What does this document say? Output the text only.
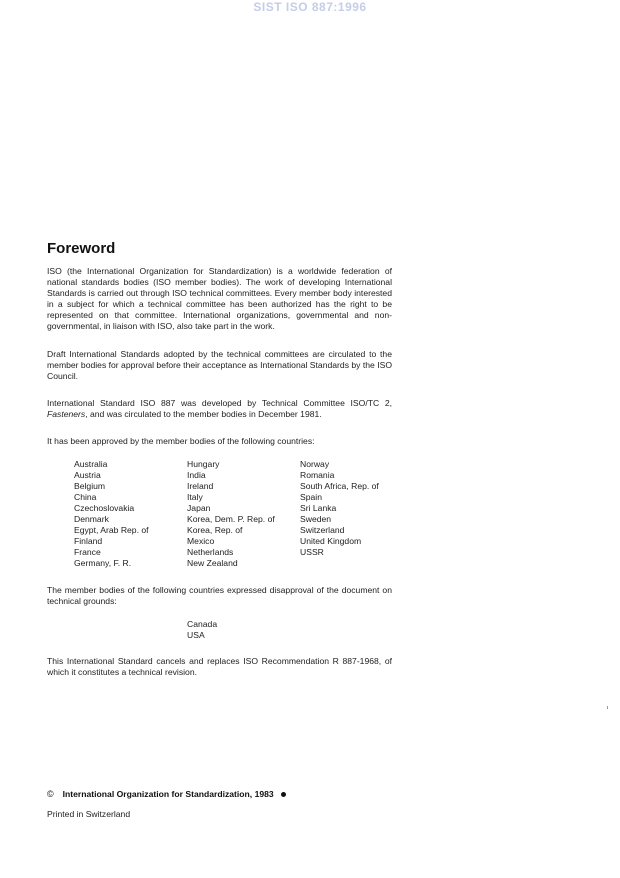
SIST ISO 887:1996
Foreword
ISO (the International Organization for Standardization) is a worldwide federation of national standards bodies (ISO member bodies). The work of developing International Standards is carried out through ISO technical committees. Every member body interested in a subject for which a technical committee has been authorized has the right to be represented on that committee. International organizations, governmental and non-governmental, in liaison with ISO, also take part in the work.
Draft International Standards adopted by the technical committees are circulated to the member bodies for approval before their acceptance as International Standards by the ISO Council.
International Standard ISO 887 was developed by Technical Committee ISO/TC 2, Fasteners, and was circulated to the member bodies in December 1981.
It has been approved by the member bodies of the following countries:
Australia
Austria
Belgium
China
Czechoslovakia
Denmark
Egypt, Arab Rep. of
Finland
France
Germany, F. R.
Hungary
India
Ireland
Italy
Japan
Korea, Dem. P. Rep. of
Korea, Rep. of
Mexico
Netherlands
New Zealand
Norway
Romania
South Africa, Rep. of
Spain
Sri Lanka
Sweden
Switzerland
United Kingdom
USSR
The member bodies of the following countries expressed disapproval of the document on technical grounds:
Canada
USA
This International Standard cancels and replaces ISO Recommendation R 887-1968, of which it constitutes a technical revision.
© International Organization for Standardization, 1983
Printed in Switzerland
